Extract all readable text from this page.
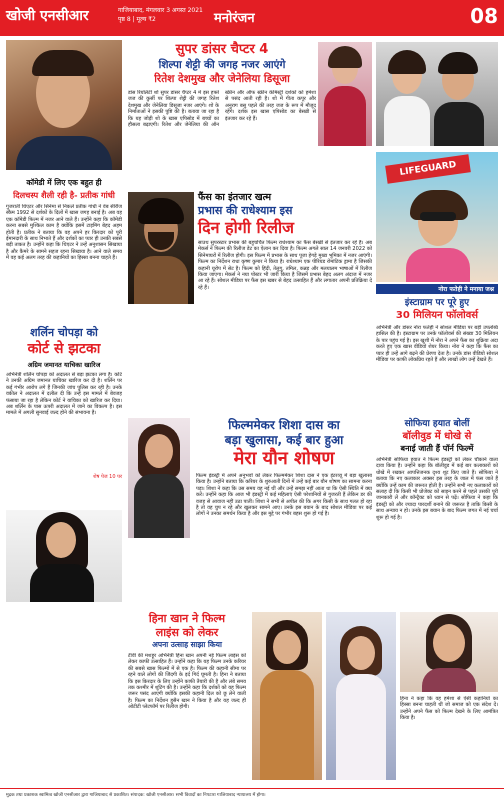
खोजी एनसीआर	गाजियाबाद, मंगलवार 3 अगस्त 2021
पृष्ठ 8 | मूल्य ₹2	मनोरंजन	08
कॉमेडी में लिए एक बहुत ही
दिलचस्प शैली रही है- प्रतीक गांधी
गुजराती थिएटर और सिनेमा से निकले प्रतीक गांधी ने वेब सीरीज स्कैम 1992 से दर्शकों के दिलों में खास जगह बनाई है। अब वह एक कॉमेडी फिल्म में नजर आने वाले हैं। उन्होंने कहा कि कॉमेडी करना सबसे मुश्किल काम है क्योंकि इसमें टाइमिंग बेहद अहम होती है। प्रतीक ने बताया कि वह अपने हर किरदार को पूरी ईमानदारी के साथ निभाते हैं और दर्शकों का प्यार ही उनकी सबसे बड़ी ताकत है। उन्होंने कहा कि थिएटर ने उन्हें अनुशासन सिखाया है और कैमरे के सामने सहज रहना सिखाया है। आने वाले समय में वह कई अलग तरह की कहानियों का हिस्सा बनना चाहते हैं।
सुपर डांसर चैप्टर 4
शिल्पा शेट्टी की जगह नजर आएंगे
रितेश देशमुख और जेनेलिया डिसूजा
डांस रियलिटी शो सुपर डांसर चैप्टर 4 में इस हफ्ते जज की कुर्सी पर शिल्पा शेट्टी की जगह रितेश देशमुख और जेनेलिया डिसूजा नजर आएंगे। शो के निर्माताओं ने इसकी पुष्टि की है। बताया जा रहा है कि यह जोड़ी शो के खास एपिसोड में बच्चों का हौसला बढ़ाएगी। रितेश और जेनेलिया की ऑन स्क्रीन और ऑफ स्क्रीन केमिस्ट्री दर्शकों को हमेशा से पसंद आती रही है। शो में गीता कपूर और अनुराग बसु पहले की तरह जज के रूप में मौजूद रहेंगे। दर्शक इस खास एपिसोड का बेसब्री से इंतजार कर रहे हैं।
फैंस का इंतजार खत्म
प्रभास की राधेश्याम इस
दिन होगी रिलीज
साउथ सुपरस्टार प्रभास की बहुचर्चित फिल्म राधेश्याम का फैंस बेसब्री से इंतजार कर रहे हैं। अब मेकर्स ने फिल्म की रिलीज डेट का ऐलान कर दिया है। फिल्म अगले साल 14 जनवरी 2022 को सिनेमाघरों में रिलीज होगी। इस फिल्म में प्रभास के साथ पूजा हेगड़े मुख्य भूमिका में नजर आएंगी। फिल्म का निर्देशन राधा कृष्ण कुमार ने किया है। राधेश्याम एक पीरियड रोमांटिक ड्रामा है जिसकी कहानी यूरोप में सेट है। फिल्म को हिंदी, तेलुगु, तमिल, कन्नड़ और मलयालम भाषाओं में रिलीज किया जाएगा। मेकर्स ने नया पोस्टर भी जारी किया है जिसमें प्रभास बेहद अलग अंदाज में नजर आ रहे हैं। सोशल मीडिया पर फैंस इस खबर से बेहद उत्साहित हैं और लगातार अपनी प्रतिक्रिया दे रहे हैं।
LIFEGUARD
नोरा फतेही ने मनाया जश्न
इंस्टाग्राम पर पूरे हुए
30 मिलियन फॉलोवर्स
अभिनेत्री और डांसर नोरा फतेही ने सोशल मीडिया पर बड़ी उपलब्धि हासिल की है। इंस्टाग्राम पर उनके फॉलोवर्स की संख्या 30 मिलियन के पार पहुंच गई है। इस खुशी में नोरा ने अपने फैंस का शुक्रिया अदा करते हुए एक खास वीडियो शेयर किया। नोरा ने कहा कि फैंस का प्यार ही उन्हें आगे बढ़ने की प्रेरणा देता है। उनके डांस वीडियो सोशल मीडिया पर काफी लोकप्रिय रहते हैं और लाखों लोग उन्हें देखते हैं।
शर्लिन चोपड़ा को
कोर्ट से झटका
अग्रिम जमानत याचिका खारिज
अभिनेत्री शर्लिन चोपड़ा को अदालत से बड़ा झटका लगा है। कोर्ट ने उनकी अग्रिम जमानत याचिका खारिज कर दी है। शर्लिन पर कई गंभीर आरोप लगे हैं जिनकी जांच पुलिस कर रही है। उनके वकील ने अदालत में दलील दी कि उन्हें इस मामले में बेवजह फंसाया जा रहा है लेकिन कोर्ट ने याचिका को खारिज कर दिया। अब शर्लिन के पास ऊपरी अदालत में जाने का विकल्प है। इस मामले में अगली सुनवाई जल्द होने की संभावना है।
शेष पेज 10 पर
फिल्ममेकर शिशा दास का
बड़ा खुलासा, कई बार हुआ
मेरा यौन शोषण
फिल्म इंडस्ट्री में अपने अनुभवों को लेकर फिल्ममेकर शिशा दास ने एक इंटरव्यू में बड़ा खुलासा किया है। उन्होंने बताया कि करियर के शुरुआती दिनों में उन्हें कई बार यौन शोषण का सामना करना पड़ा। शिशा ने कहा कि उस समय वह नई थीं और उन्हें समझ नहीं आता था कि ऐसी स्थिति में क्या करें। उन्होंने कहा कि आज भी इंडस्ट्री में कई महिलाएं ऐसी परेशानियों से गुजरती हैं लेकिन डर की वजह से आवाज नहीं उठा पातीं। शिशा ने सभी से अपील की कि अगर किसी के साथ गलत हो रहा है तो वह चुप न रहे और खुलकर सामने आए। उनके इस बयान के बाद सोशल मीडिया पर कई लोगों ने उनका समर्थन किया है और इस मुद्दे पर गंभीर बहस शुरू हो गई है।
सोफिया हयात बोलीं
बॉलीवुड में धोखे से
बनाई जाती हैं पॉर्न फिल्में
अभिनेत्री सोफिया हयात ने फिल्म इंडस्ट्री को लेकर चौंकाने वाला दावा किया है। उन्होंने कहा कि बॉलीवुड में कई बार कलाकारों को धोखे में रखकर आपत्तिजनक दृश्य शूट किए जाते हैं। सोफिया ने बताया कि नए कलाकार अक्सर इस तरह के जाल में फंस जाते हैं क्योंकि उन्हें काम की जरूरत होती है। उन्होंने सभी नए कलाकारों को सलाह दी कि किसी भी प्रोजेक्ट को साइन करने से पहले उसकी पूरी जानकारी लें और कॉन्ट्रैक्ट को ध्यान से पढ़ें। सोफिया ने कहा कि इंडस्ट्री को और ज्यादा पारदर्शी बनाने की जरूरत है ताकि किसी के साथ अन्याय न हो। उनके इस बयान के बाद फिल्म जगत में नई चर्चा शुरू हो गई है।
हिना खान ने फिल्म
लाइंस को लेकर
अपना उत्साह साझा किया
टीवी की मशहूर अभिनेत्री हिना खान अपनी नई फिल्म लाइंस को लेकर काफी उत्साहित हैं। उन्होंने कहा कि यह फिल्म उनके करियर की सबसे खास फिल्मों में से एक है। फिल्म की कहानी सीमा पर रहने वाले लोगों की जिंदगी के इर्द गिर्द घूमती है। हिना ने बताया कि इस किरदार के लिए उन्होंने काफी तैयारी की है और लंबे समय तक कश्मीर में शूटिंग की है। उन्होंने कहा कि दर्शकों को यह फिल्म जरूर पसंद आएगी क्योंकि इसकी कहानी दिल को छू लेने वाली है। फिल्म का निर्देशन हुसैन खान ने किया है और यह जल्द ही ओटीटी प्लेटफॉर्म पर रिलीज होगी।
हिना ने कहा कि वह हमेशा से ऐसी कहानियों का हिस्सा बनना चाहती थीं जो समाज को एक संदेश दें। उन्होंने अपने फैंस को फिल्म देखने के लिए आमंत्रित किया है।
मुद्रक तथा प्रकाशक स्वामित्व खोजी एनसीआर द्वारा गाजियाबाद से प्रकाशित। संपादक: खोजी एनसीआर। सभी विवादों का निपटारा गाजियाबाद न्यायालय में होगा।
